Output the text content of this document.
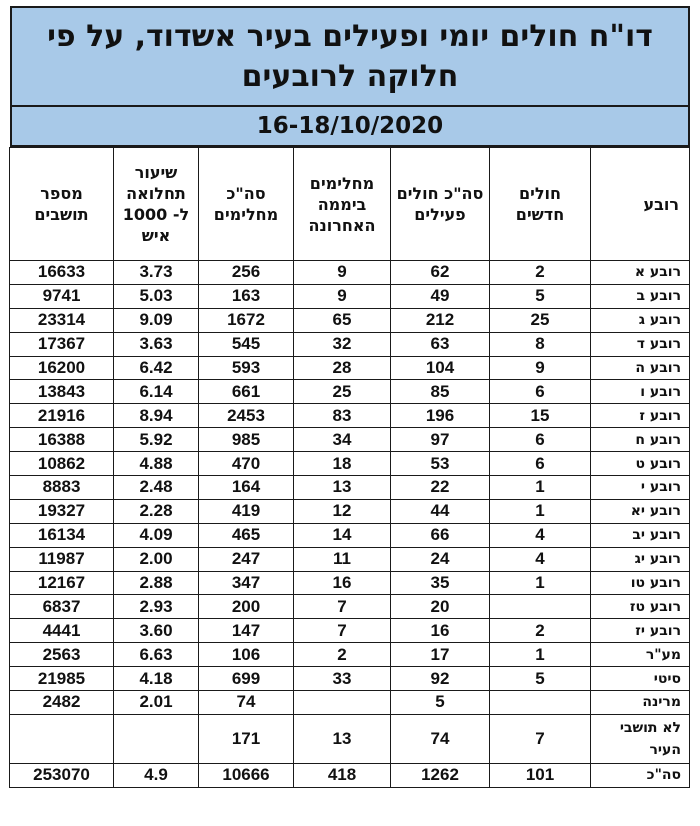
דו"ח חולים יומי ופעילים בעיר אשדוד, על פי
חלוקה לרובעים
16-18/10/2020
רובע	חולים חדשים	סה"כ חולים פעילים	מחלימים ביממה האחרונה	סה"כ מחלימים	שיעור תחלואה ל- 1000 איש	מספר תושבים
רובע א	2	62	9	256	3.73	16633
רובע ב	5	49	9	163	5.03	9741
רובע ג	25	212	65	1672	9.09	23314
רובע ד	8	63	32	545	3.63	17367
רובע ה	9	104	28	593	6.42	16200
רובע ו	6	85	25	661	6.14	13843
רובע ז	15	196	83	2453	8.94	21916
רובע ח	6	97	34	985	5.92	16388
רובע ט	6	53	18	470	4.88	10862
רובע י	1	22	13	164	2.48	8883
רובע יא	1	44	12	419	2.28	19327
רובע יב	4	66	14	465	4.09	16134
רובע יג	4	24	11	247	2.00	11987
רובע טו	1	35	16	347	2.88	12167
רובע טז		20	7	200	2.93	6837
רובע יז	2	16	7	147	3.60	4441
מע"ר	1	17	2	106	6.63	2563
סיטי	5	92	33	699	4.18	21985
מרינה		5		74	2.01	2482
לא תושבי העיר	7	74	13	171		
סה"כ	101	1262	418	10666	4.9	253070
